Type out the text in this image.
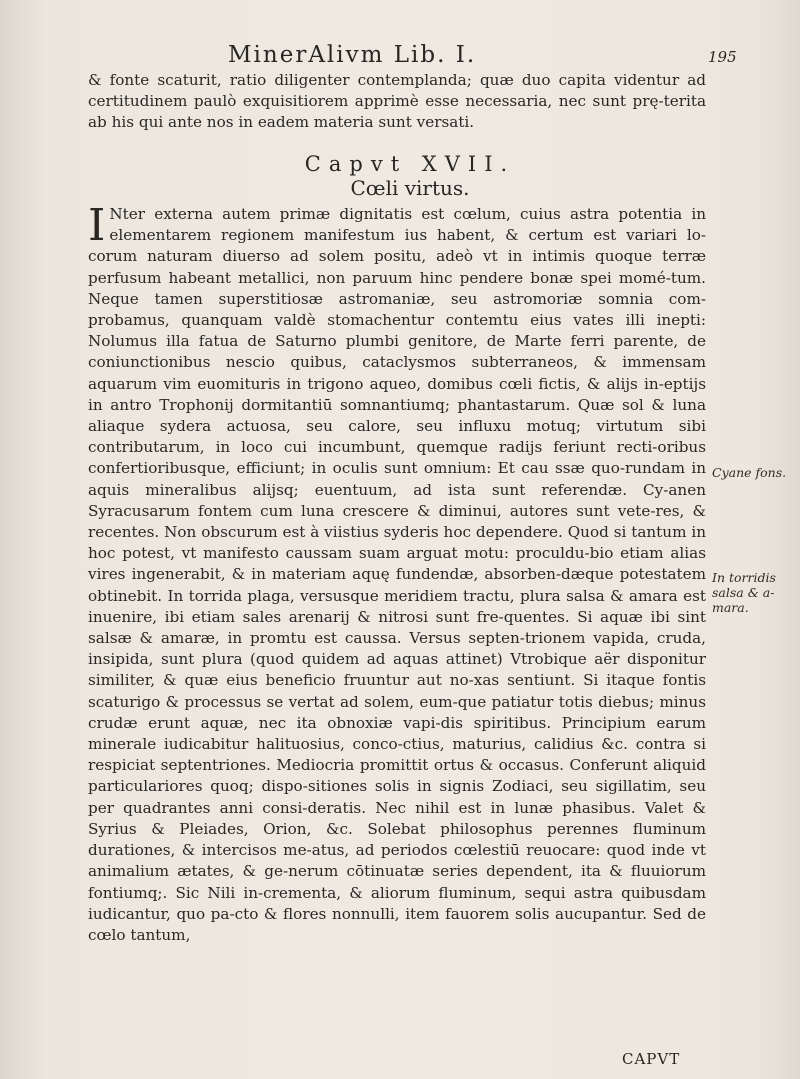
MinerAlivm Lib. I.	195

& fonte scaturit, ratio diligenter contemplanda; quæ duo capita videntur ad certitudinem paulò exquisitiorem apprimè esse necessaria, nec sunt prę-terita ab his qui ante nos in eadem materia sunt versati.

Capvt XVII.
Cœli virtus.
I Nter externa autem primæ dignitatis est cœlum, cuius astra potentia in elementarem regionem manifestum ius habent, & certum est variari lo-corum naturam diuerso ad solem positu, adeò vt in intimis quoque terræ perfusum habeant metallici, non paruum hinc pendere bonæ spei momé-tum. Neque tamen superstitiosæ astromaniæ, seu astromoriæ somnia com-probamus, quanquam valdè stomachentur contemtu eius vates illi inepti: Nolumus illa fatua de Saturno plumbi genitore, de Marte ferri parente, de coniunctionibus nescio quibus, cataclysmos subterraneos, & immensam aquarum vim euomituris in trigono aqueo, domibus cœli fictis, & alijs in-eptijs in antro Trophonij dormitantiū somnantiumq; phantastarum. Quæ sol & luna aliaque sydera actuosa, seu calore, seu influxu motuq; virtutum sibi contributarum, in loco cui incumbunt, quemque radijs feriunt recti-oribus confertioribusque, efficiunt; in oculis sunt omnium: Et cau ssæ quo-rundam in aquis mineralibus alijsq; euentuum, ad ista sunt referendæ. Cy-anen Syracusarum fontem cum luna crescere & diminui, autores sunt vete-res, & recentes. Non obscurum est à viistius syderis hoc dependere. Quod si tantum in hoc potest, vt manifesto caussam suam arguat motu: proculdu-bio etiam alias vires ingenerabit, & in materiam aquę fundendæ, absorben-dæque potestatem obtinebit. In torrida plaga, versusque meridiem tractu, plura salsa & amara est inuenire, ibi etiam sales arenarij & nitrosi sunt fre-quentes. Si aquæ ibi sint salsæ & amaræ, in promtu est caussa. Versus septen-trionem vapida, cruda, insipida, sunt plura (quod quidem ad aquas attinet) Vtrobique aër disponitur similiter, & quæ eius beneficio fruuntur aut no-xas sentiunt. Si itaque fontis scaturigo & processus se vertat ad solem, eum-que patiatur totis diebus; minus crudæ erunt aquæ, nec ita obnoxiæ vapi-dis spiritibus. Principium earum minerale iudicabitur halituosius, conco-ctius, maturius, calidius &c. contra si respiciat septentriones. Mediocria promittit ortus & occasus. Conferunt aliquid particulariores quoq; dispo-sitiones solis in signis Zodiaci, seu sigillatim, seu per quadrantes anni consi-deratis. Nec nihil est in lunæ phasibus. Valet & Syrius & Pleiades, Orion, &c. Solebat philosophus perennes fluminum durationes, & intercisos me-atus, ad periodos cœlestiū reuocare: quod inde vt animalium ætates, & ge-nerum cōtinuatæ series dependent, ita & fluuiorum fontiumq;. Sic Nili in-crementa, & aliorum fluminum, sequi astra quibusdam iudicantur, quo pa-cto & flores nonnulli, item fauorem solis aucupantur. Sed de cœlo tantum,

Cyane fons.
In torridis
salsa & a-
mara.
CAPVT
